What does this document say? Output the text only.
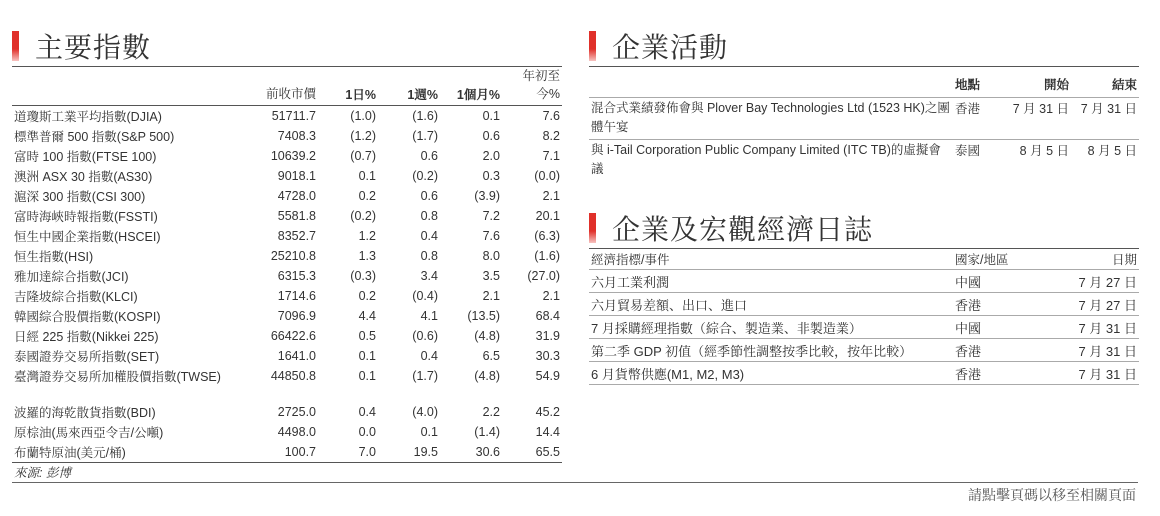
主要指數

	前收市價	1日%	1週%	1個月%	年初至今%
道瓊斯工業平均指數(DJIA)	51711.7	(1.0)	(1.6)	0.1	7.6
標準普爾 500 指數(S&P 500)	7408.3	(1.2)	(1.7)	0.6	8.2
富時 100 指數(FTSE 100)	10639.2	(0.7)	0.6	2.0	7.1
澳洲 ASX 30 指數(AS30)	9018.1	0.1	(0.2)	0.3	(0.0)
滬深 300 指數(CSI 300)	4728.0	0.2	0.6	(3.9)	2.1
富時海峽時報指數(FSSTI)	5581.8	(0.2)	0.8	7.2	20.1
恒生中國企業指數(HSCEI)	8352.7	1.2	0.4	7.6	(6.3)
恒生指數(HSI)	25210.8	1.3	0.8	8.0	(1.6)
雅加達綜合指數(JCI)	6315.3	(0.3)	3.4	3.5	(27.0)
吉隆坡綜合指數(KLCI)	1714.6	0.2	(0.4)	2.1	2.1
韓國綜合股價指數(KOSPI)	7096.9	4.4	4.1	(13.5)	68.4
日經 225 指數(Nikkei 225)	66422.6	0.5	(0.6)	(4.8)	31.9
泰國證券交易所指數(SET)	1641.0	0.1	0.4	6.5	30.3
臺灣證券交易所加權股價指數(TWSE)	44850.8	0.1	(1.7)	(4.8)	54.9

波羅的海乾散貨指數(BDI)	2725.0	0.4	(4.0)	2.2	45.2
原棕油(馬來西亞令吉/公噸)	4498.0	0.0	0.1	(1.4)	14.4
布蘭特原油(美元/桶)	100.7	7.0	19.5	30.6	65.5
來源: 彭博					
企業活動
	地點	開始	結束
混合式業績發佈會與 Plover Bay Technologies Ltd (1523 HK)之團體午宴	香港	7 月 31 日	7 月 31 日
與 i-Tail Corporation Public Company Limited (ITC TB)的虛擬會議	泰國	8 月 5 日	8 月 5 日
企業及宏觀經濟日誌
經濟指標/事件	國家/地區	日期
六月工業利潤	中國	7 月 27 日
六月貿易差額、出口、進口	香港	7 月 27 日
7 月採購經理指數（綜合、製造業、非製造業）	中國	7 月 31 日
第二季 GDP 初值（經季節性調整按季比較，按年比較）	香港	7 月 31 日
6 月貨幣供應(M1, M2, M3)	香港	7 月 31 日
請點擊頁碼以移至相關頁面
